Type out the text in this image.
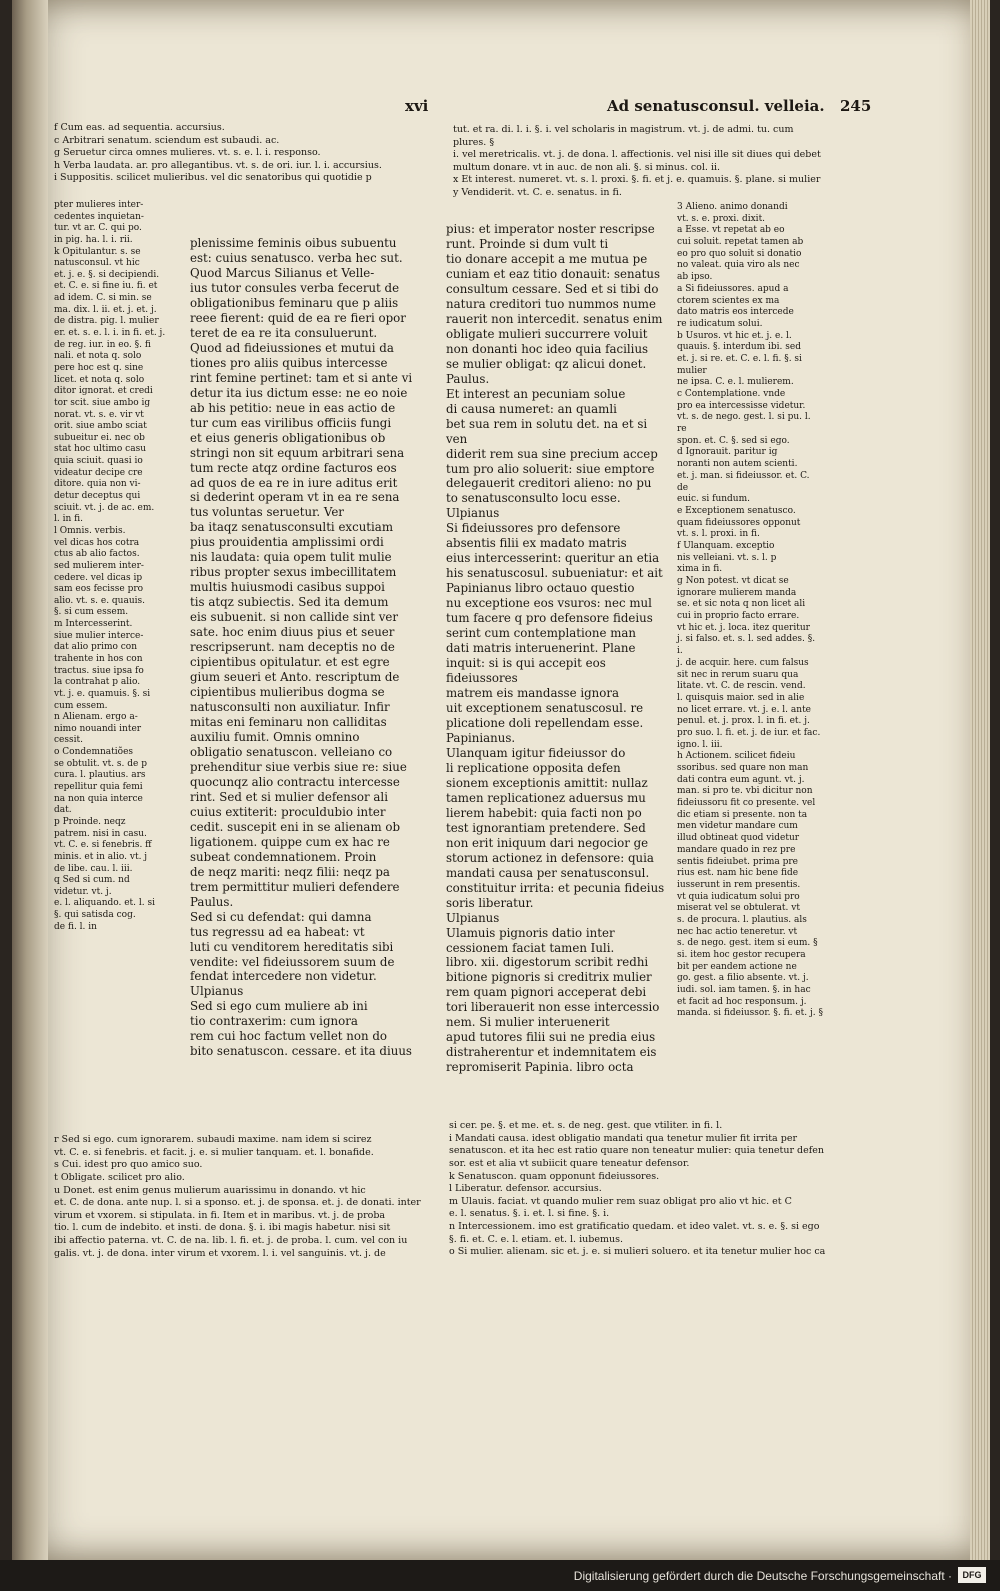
xvi	Ad senatusconsul. velleia. 245
f Cum eas. ad sequentia. accursius.
c Arbitrari senatum. sciendum est subaudi. ac.
g Seruetur circa omnes mulieres. vt. s. e. l. i. responso.
h Verba laudata. ar. pro allegantibus. vt. s. de ori. iur. l. i. accursius.
i Suppositis. scilicet mulieribus. vel dic senatoribus qui quotidie p
tut. et ra. di. l. i. §. i. vel scholaris in magistrum. vt. j. de admi. tu. cum plures. §
i. vel meretricalis. vt. j. de dona. l. affectionis. vel nisi ille sit diues qui debet
multum donare. vt in auc. de non ali. §. si minus. col. ii.
x Et interest. numeret. vt. s. l. proxi. §. fi. et j. e. quamuis. §. plane. si mulier
y Vendiderit. vt. C. e. senatus. in fi.
pter mulieres inter-
cedentes inquietan-
tur. vt ar. C. qui po.
in pig. ha. l. i. rii.
k Opitulantur. s. se
natusconsul. vt hic
et. j. e. §. si decipiendi.
et. C. e. si fine iu. fi. et
ad idem. C. si min. se
ma. dix. l. ii. et. j. et. j.
de distra. pig. l. mulier
er. et. s. e. l. i. in fi. et. j.
de reg. iur. in eo. §. fi
nali. et nota q. solo
pere hoc est q. sine
licet. et nota q. solo
ditor ignorat. et credi
tor scit. siue ambo ig
norat. vt. s. e. vir vt
orit. siue ambo sciat
subueitur ei. nec ob
stat hoc ultimo casu
quia sciuit. quasi io
videatur decipe cre
ditore. quia non vi-
detur deceptus qui
sciuit. vt. j. de ac. em.
l. in fi.
l Omnis. verbis.
vel dicas hos cotra
ctus ab alio factos.
sed mulierem inter-
cedere. vel dicas ip
sam eos fecisse pro
alio. vt. s. e. quauis.
§. si cum essem.
m Intercesserint.
siue mulier interce-
dat alio primo con
trahente in hos con
tractus. siue ipsa fo
la contrahat p alio.
vt. j. e. quamuis. §. si
cum essem.
n Alienam. ergo a-
nimo nouandi inter
cessit.
o Condemnatiões
se obtulit. vt. s. de p
cura. l. plautius. ars
repellitur quia femi
na non quia interce
dat.
p Proinde. neqz
patrem. nisi in casu.
vt. C. e. si fenebris. ff
minis. et in alio. vt. j
de libe. cau. l. iii.
q Sed si cum. nd
videtur. vt. j.
e. l. aliquando. et. l. si
§. qui satisda cog.
de fi. l. in
plenissime feminis oibus subuentu
est: cuius senatusco. verba hec sut.
Quod Marcus Silianus et Velle-
ius tutor consules verba fecerut de
obligationibus feminaru que p aliis
reee fierent: quid de ea re fieri opor
teret de ea re ita consuluerunt.
Quod ad fideiussiones et mutui da
tiones pro aliis quibus intercesse
rint femine pertinet: tam et si ante vi
detur ita ius dictum esse: ne eo noie
ab his petitio: neue in eas actio de
tur cum eas virilibus officiis fungi
et eius generis obligationibus ob
stringi non sit equum arbitrari sena
tum recte atqz ordine facturos eos
ad quos de ea re in iure aditus erit
si dederint operam vt in ea re sena
tus voluntas seruetur. Ver
ba itaqz senatusconsulti excutiam
pius prouidentia amplissimi ordi
nis laudata: quia opem tulit mulie
ribus propter sexus imbecillitatem
multis huiusmodi casibus suppoi
tis atqz subiectis. Sed ita demum
eis subuenit. si non callide sint ver
sate. hoc enim diuus pius et seuer
rescripserunt. nam deceptis no de
cipientibus opitulatur. et est egre
gium seueri et Anto. rescriptum de
cipientibus mulieribus dogma se
natusconsulti non auxiliatur. Infir
mitas eni feminaru non calliditas
auxiliu fumit. Omnis omnino
obligatio senatuscon. velleiano co
prehenditur siue verbis siue re: siue
quocunqz alio contractu intercesse
rint. Sed et si mulier defensor ali
cuius extiterit: proculdubio inter
cedit. suscepit eni in se alienam ob
ligationem. quippe cum ex hac re
subeat condemnationem. Proin
de neqz mariti: neqz filii: neqz pa
trem permittitur mulieri defendere
Paulus.
Sed si cu defendat: qui damna
tus regressu ad ea habeat: vt
luti cu venditorem hereditatis sibi
vendite: vel fideiussorem suum de
fendat intercedere non videtur.
Ulpianus
Sed si ego cum muliere ab ini
tio contraxerim: cum ignora
rem cui hoc factum vellet non do
bito senatuscon. cessare. et ita diuus
pius: et imperator noster rescripse
runt. Proinde si dum vult ti
tio donare accepit a me mutua pe
cuniam et eaz titio donauit: senatus
consultum cessare. Sed et si tibi do
natura creditori tuo nummos nume
rauerit non intercedit. senatus enim
obligate mulieri succurrere voluit
non donanti hoc ideo quia facilius
se mulier obligat: qz alicui donet.
Paulus.
Et interest an pecuniam solue
di causa numeret: an quamli
bet sua rem in solutu det. na et si ven
diderit rem sua sine precium accep
tum pro alio soluerit: siue emptore
delegauerit creditori alieno: no pu
to senatusconsulto locu esse.
Ulpianus
Si fideiussores pro defensore
absentis filii ex madato matris
eius intercesserint: queritur an etia
his senatuscosul. subueniatur: et ait
Papinianus libro octauo questio
nu exceptione eos vsuros: nec mul
tum facere q pro defensore fideius
serint cum contemplatione man
dati matris interuenerint. Plane
inquit: si is qui accepit eos fideiussores
matrem eis mandasse ignora
uit exceptionem senatuscosul. re
plicatione doli repellendam esse.
Papinianus.
Ulanquam igitur fideiussor do
li replicatione opposita defen
sionem exceptionis amittit: nullaz
tamen replicationez aduersus mu
lierem habebit: quia facti non po
test ignorantiam pretendere. Sed
non erit iniquum dari negocior ge
storum actionez in defensore: quia
mandati causa per senatusconsul.
constituitur irrita: et pecunia fideius
soris liberatur.
Ulpianus
Ulamuis pignoris datio inter
cessionem faciat tamen Iuli.
libro. xii. digestorum scribit redhi
bitione pignoris si creditrix mulier
rem quam pignori acceperat debi
tori liberauerit non esse intercessio
nem. Si mulier interuenerit
apud tutores filii sui ne predia eius
distraherentur et indemnitatem eis
repromiserit Papinia. libro octa
3 Alieno. animo donandi
vt. s. e. proxi. dixit.
a Esse. vt repetat ab eo
cui soluit. repetat tamen ab
eo pro quo soluit si donatio
no valeat. quia viro als nec
ab ipso.
a Si fideiussores. apud a
ctorem scientes ex ma
dato matris eos intercede
re iudicatum solui.
b Usuros. vt hic et. j. e. l.
quauis. §. interdum ibi. sed
et. j. si re. et. C. e. l. fi. §. si mulier
ne ipsa. C. e. l. mulierem.
c Contemplatione. vnde
pro ea intercessisse videtur.
vt. s. de nego. gest. l. si pu. l. re
spon. et. C. §. sed si ego.
d Ignorauit. paritur ig
noranti non autem scienti.
et. j. man. si fideiussor. et. C. de
euic. si fundum.
e Exceptionem senatusco.
quam fideiussores opponut
vt. s. l. proxi. in fi.
f Ulanquam. exceptio
nis velleiani. vt. s. l. p
xima in fi.
g Non potest. vt dicat se
ignorare mulierem manda
se. et sic nota q non licet ali
cui in proprio facto errare.
vt hic et. j. loca. itez queritur
j. si falso. et. s. l. sed addes. §. i.
j. de acquir. here. cum falsus
sit nec in rerum suaru qua
litate. vt. C. de rescin. vend.
l. quisquis maior. sed in alie
no licet errare. vt. j. e. l. ante
penul. et. j. prox. l. in fi. et. j.
pro suo. l. fi. et. j. de iur. et fac.
igno. l. iii.
h Actionem. scilicet fideiu
ssoribus. sed quare non man
dati contra eum agunt. vt. j.
man. si pro te. vbi dicitur non
fideiussoru fit co presente. vel
dic etiam si presente. non ta
men videtur mandare cum
illud obtineat quod videtur
mandare quado in rez pre
sentis fideiubet. prima pre
rius est. nam hic bene fide
iusserunt in rem presentis.
vt quia iudicatum solui pro
miserat vel se obtulerat. vt
s. de procura. l. plautius. als
nec hac actio teneretur. vt
s. de nego. gest. item si eum. §
si. item hoc gestor recupera
bit per eandem actione ne
go. gest. a filio absente. vt. j.
iudi. sol. iam tamen. §. in hac
et facit ad hoc responsum. j.
manda. si fideiussor. §. fi. et. j. §
r Sed si ego. cum ignorarem. subaudi maxime. nam idem si scirez
vt. C. e. si fenebris. et facit. j. e. si mulier tanquam. et. l. bonafide.
s Cui. idest pro quo amico suo.
t Obligate. scilicet pro alio.
u Donet. est enim genus mulierum auarissimu in donando. vt hic
et. C. de dona. ante nup. l. si a sponso. et. j. de sponsa. et. j. de donati. inter
virum et vxorem. si stipulata. in fi. Item et in maribus. vt. j. de proba
tio. l. cum de indebito. et insti. de dona. §. i. ibi magis habetur. nisi sit
ibi affectio paterna. vt. C. de na. lib. l. fi. et. j. de proba. l. cum. vel con iu
galis. vt. j. de dona. inter virum et vxorem. l. i. vel sanguinis. vt. j. de
si cer. pe. §. et me. et. s. de neg. gest. que vtiliter. in fi. l.
i Mandati causa. idest obligatio mandati qua tenetur mulier fit irrita per
senatuscon. et ita hec est ratio quare non teneatur mulier: quia tenetur defen
sor. est et alia vt subiicit quare teneatur defensor.
k Senatuscon. quam opponunt fideiussores.
l Liberatur. defensor. accursius.
m Ulauis. faciat. vt quando mulier rem suaz obligat pro alio vt hic. et C
e. l. senatus. §. i. et. l. si fine. §. i.
n Intercessionem. imo est gratificatio quedam. et ideo valet. vt. s. e. §. si ego
§. fi. et. C. e. l. etiam. et. l. iubemus.
o Si mulier. alienam. sic et. j. e. si mulieri soluero. et ita tenetur mulier hoc ca
Digitalisierung gefördert durch die Deutsche Forschungsgemeinschaft ·	DFG
